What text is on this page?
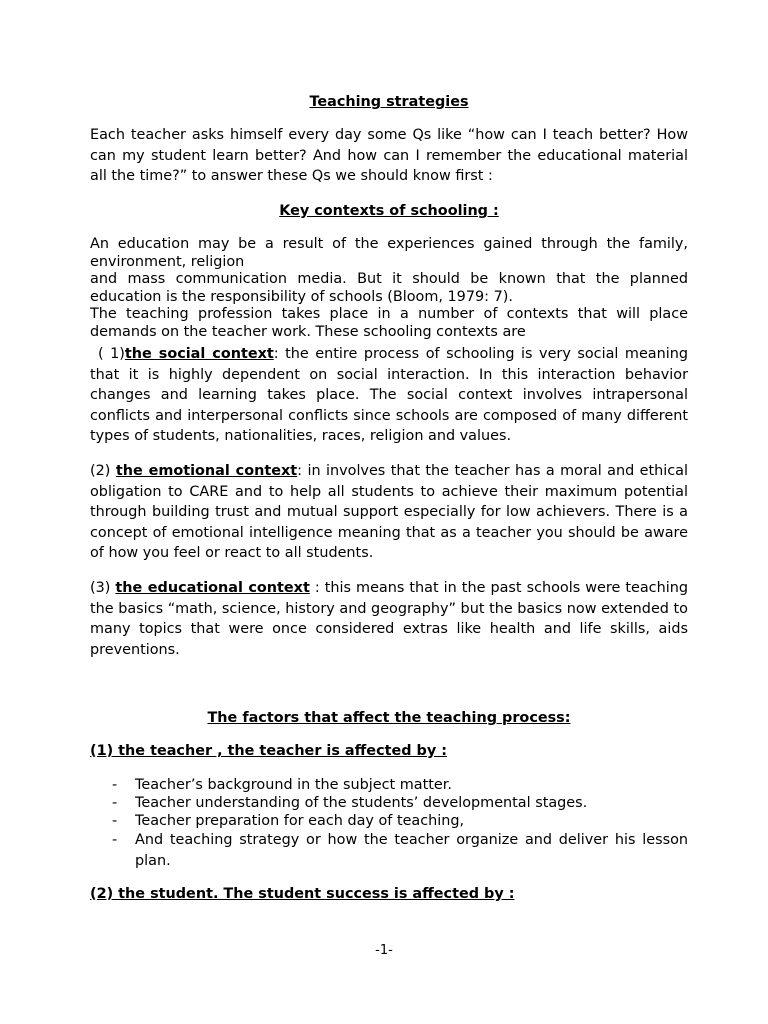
Teaching strategies
Each teacher asks himself every day some Qs like “how can I teach better? How can my student learn better? And how can I remember the educational material all the time?” to answer these Qs we should know first :
Key contexts of schooling :
An education may be a result of the experiences gained through the family, environment, religion
and mass communication media. But it should be known that the planned education is the responsibility of schools (Bloom, 1979: 7).
The teaching profession takes place in a number of contexts that will place demands on the teacher work. These schooling contexts are
( 1)the social context: the entire process of schooling is very social meaning that it is highly dependent on social interaction. In this interaction behavior changes and learning takes place. The social context involves intrapersonal conflicts and interpersonal conflicts since schools are composed of many different types of students, nationalities, races, religion and values.
(2) the emotional context: in involves that the teacher has a moral and ethical obligation to CARE and to help all students to achieve their maximum potential through building trust and mutual support especially for low achievers. There is a concept of emotional intelligence meaning that as a teacher you should be aware of how you feel or react to all students.
(3) the educational context : this means that in the past schools were teaching the basics “math, science, history and geography” but the basics now extended to many topics that were once considered extras like health and life skills, aids preventions.
The factors that affect the teaching process:
(1) the teacher , the teacher is affected by :
- Teacher’s background in the subject matter.
- Teacher understanding of the students’ developmental stages.
- Teacher preparation for each day of teaching,
- And teaching strategy or how the teacher organize and deliver his lesson plan.
(2) the student. The student success is affected by :
-1-
